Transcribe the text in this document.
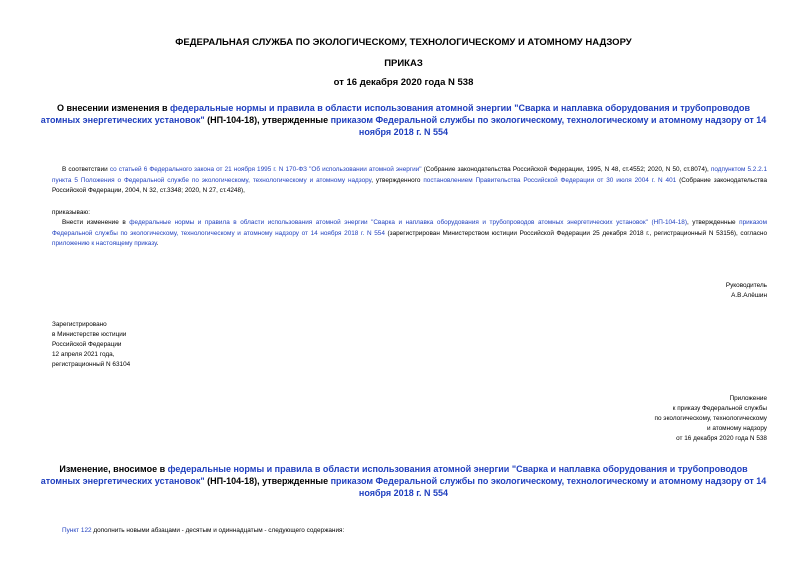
ФЕДЕРАЛЬНАЯ СЛУЖБА ПО ЭКОЛОГИЧЕСКОМУ, ТЕХНОЛОГИЧЕСКОМУ И АТОМНОМУ НАДЗОРУ
ПРИКАЗ
от 16 декабря 2020 года N 538
О внесении изменения в федеральные нормы и правила в области использования атомной энергии "Сварка и наплавка оборудования и трубопроводов атомных энергетических установок" (НП-104-18), утвержденные приказом Федеральной службы по экологическому, технологическому и атомному надзору от 14 ноября 2018 г. N 554
В соответствии со статьей 6 Федерального закона от 21 ноября 1995 г. N 170-ФЗ "Об использовании атомной энергии" (Собрание законодательства Российской Федерации, 1995, N 48, ст.4552; 2020, N 50, ст.8074), подпунктом 5.2.2.1 пункта 5 Положения о Федеральной службе по экологическому, технологическому и атомному надзору, утвержденного постановлением Правительства Российской Федерации от 30 июля 2004 г. N 401 (Собрание законодательства Российской Федерации, 2004, N 32, ст.3348; 2020, N 27, ст.4248),
приказываю:
Внести изменение в федеральные нормы и правила в области использования атомной энергии "Сварка и наплавка оборудования и трубопроводов атомных энергетических установок" (НП-104-18), утвержденные приказом Федеральной службы по экологическому, технологическому и атомному надзору от 14 ноября 2018 г. N 554 (зарегистрирован Министерством юстиции Российской Федерации 25 декабря 2018 г., регистрационный N 53156), согласно приложению к настоящему приказу.
Руководитель
А.В.Алёшин
Зарегистрировано
в Министерстве юстиции
Российской Федерации
12 апреля 2021 года,
регистрационный N 63104
Приложение
к приказу Федеральной службы
по экологическому, технологическому
и атомному надзору
от 16 декабря 2020 года N 538
Изменение, вносимое в федеральные нормы и правила в области использования атомной энергии "Сварка и наплавка оборудования и трубопроводов атомных энергетических установок" (НП-104-18), утвержденные приказом Федеральной службы по экологическому, технологическому и атомному надзору от 14 ноября 2018 г. N 554
Пункт 122 дополнить новыми абзацами - десятым и одиннадцатым - следующего содержания:
